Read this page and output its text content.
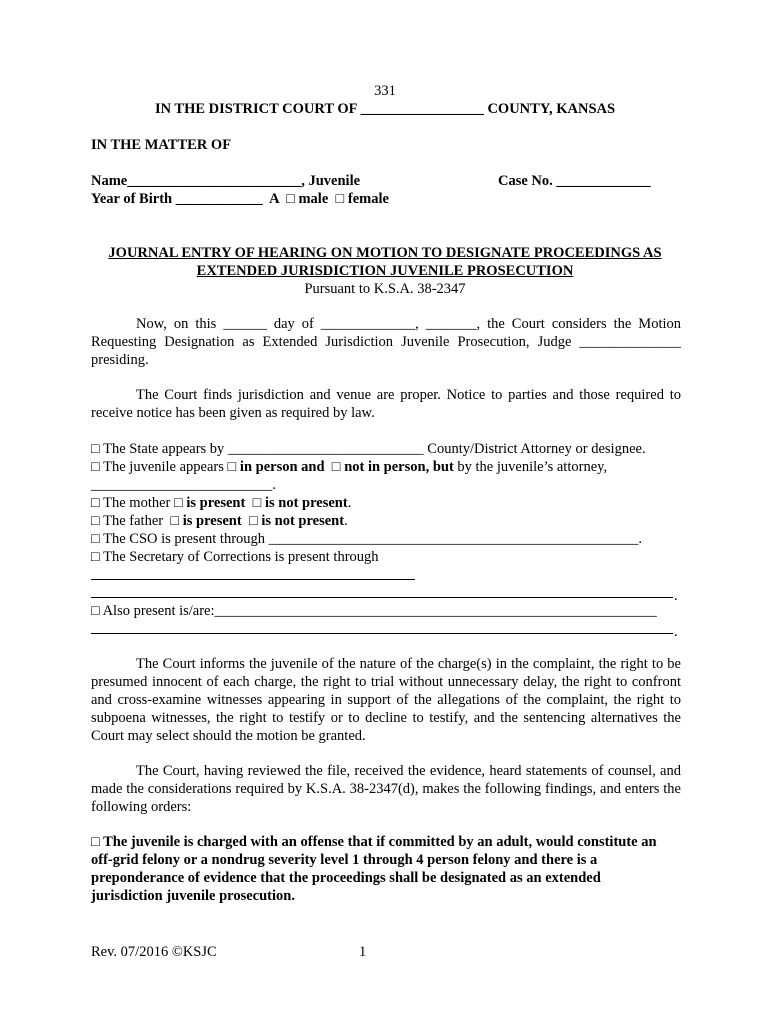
331
IN THE DISTRICT COURT OF _________________ COUNTY, KANSAS
IN THE MATTER OF
Name________________________, Juvenile	Case No. _____________
Year of Birth ____________  A  □ male  □ female
JOURNAL ENTRY OF HEARING ON MOTION TO DESIGNATE PROCEEDINGS AS
EXTENDED JURISDICTION JUVENILE PROSECUTION
Pursuant to K.S.A. 38-2347
Now, on this ______ day of _____________, _______, the Court considers the Motion Requesting Designation as Extended Jurisdiction Juvenile Prosecution, Judge ______________ presiding.
The Court finds jurisdiction and venue are proper. Notice to parties and those required to receive notice has been given as required by law.
□ The State appears by ___________________________ County/District Attorney or designee.
□ The juvenile appears □ in person and  □ not in person, but by the juvenile’s attorney,
_________________________.
□ The mother □ is present  □ is not present.
□ The father  □ is present  □ is not present.
□ The CSO is present through ___________________________________________________.
□ The Secretary of Corrections is present through
.
□ Also present is/are:_____________________________________________________________
.
The Court informs the juvenile of the nature of the charge(s) in the complaint, the right to be presumed innocent of each charge, the right to trial without unnecessary delay, the right to confront and cross-examine witnesses appearing in support of the allegations of the complaint, the right to subpoena witnesses, the right to testify or to decline to testify, and the sentencing alternatives the Court may select should the motion be granted.
The Court, having reviewed the file, received the evidence, heard statements of counsel, and made the considerations required by K.S.A. 38-2347(d), makes the following findings, and enters the following orders:
□ The juvenile is charged with an offense that if committed by an adult, would constitute an
off-grid felony or a nondrug severity level 1 through 4 person felony and there is a
preponderance of evidence that the proceedings shall be designated as an extended
jurisdiction juvenile prosecution.
Rev. 07/2016 ©KSJC	1
